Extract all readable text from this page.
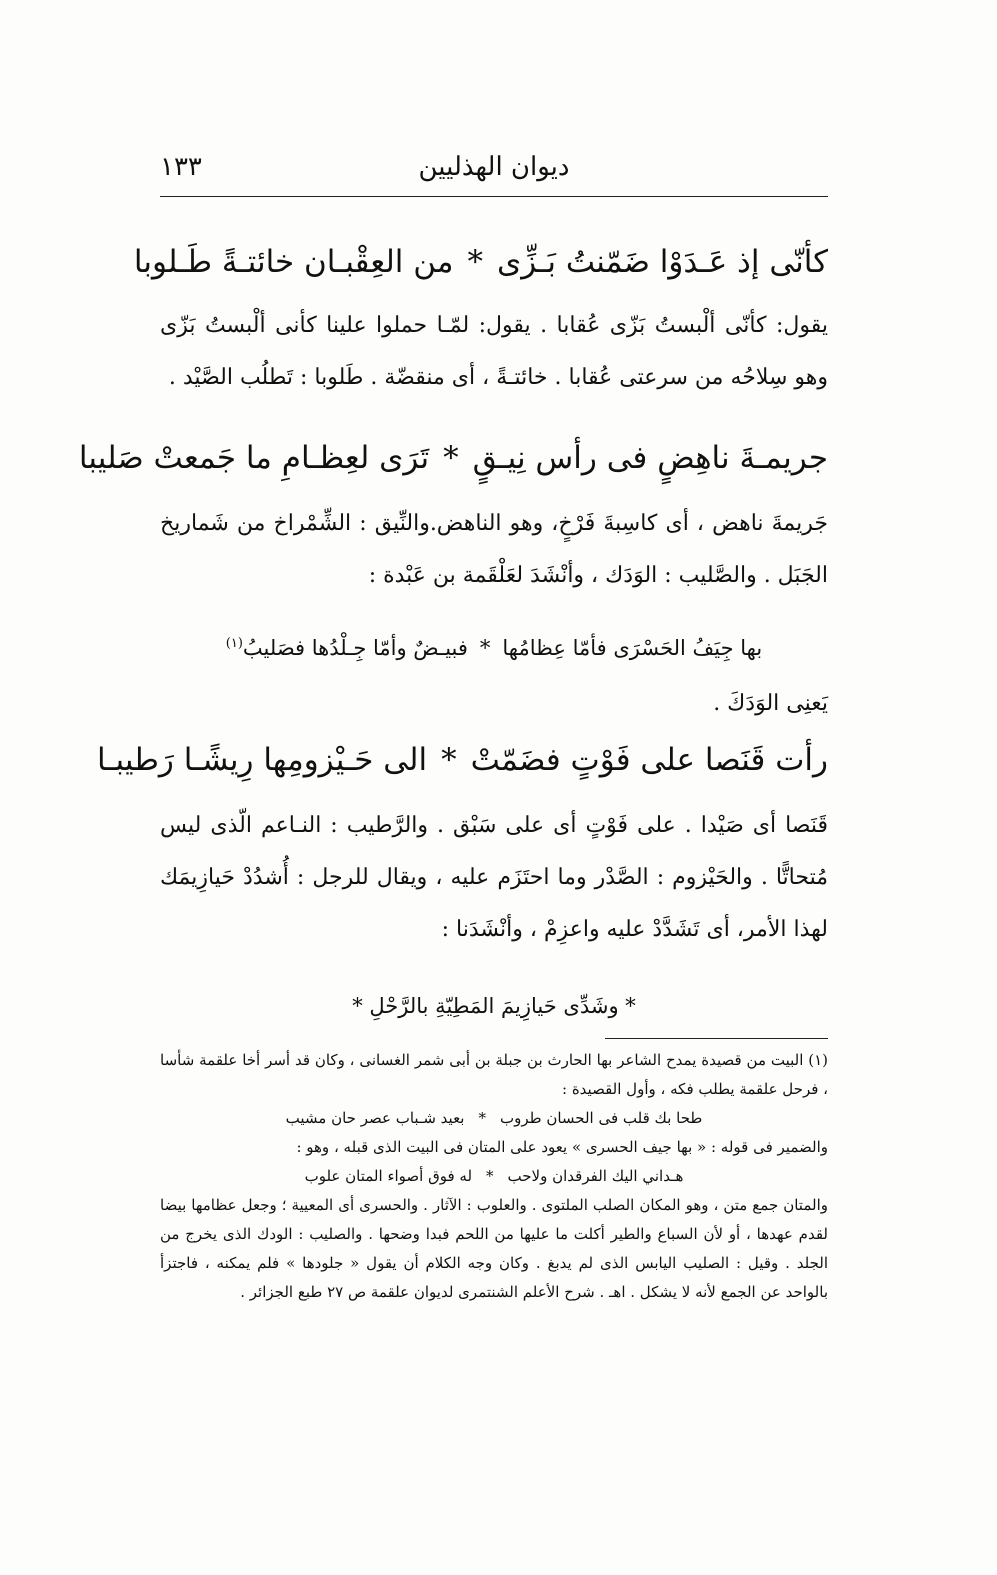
ديوان الهذليين
١٣٣
كأنّى إذ عَـدَوْا ضَمّنتُ بَـزِّى*من العِقْبـان خائتـةً طَـلوبا

يقول: كأنّى ألْبستُ بَزّى عُقابا . يقول: لمّـا حملوا علينا كأنى ألْبستُ بَزّى وهو سِلاحُه من سرعتى عُقابا . خائتـةً ، أى منقضّة . طَلوبا : تَطلُب الصَّيْد .

جريمـةَ ناهِضٍ فى رأس نِيـقٍ*تَرَى لعِظـامِ ما جَمعتْ صَليبا

جَريمةَ ناهض ، أى كاسِبةَ فَرْخٍ، وهو الناهض.والنِّيق : الشِّمْراخ من شَماريخ الجَبَل . والصَّليب : الوَدَك ، وأنْشَدَ لعَلْقَمة بن عَبْدة :

بها جِيَفُ الحَسْرَى فأمّا عِظامُها*فبيـضٌ وأمّا جِـلْدُها فصَليبُ$^{(١)}$

يَعنِى الوَدَكَ .

رأت قَنَصا على فَوْتٍ فضَمّتْ*الى حَـيْزومِها رِيشًـا رَطيبـا

قَنَصا أى صَيْدا . على فَوْتٍ أى على سَبْق . والرَّطيب : النـاعم الّذى ليس مُتحاتًّا . والحَيْزوم : الصَّدْر وما احتَزَم عليه ، ويقال للرجل : أُشدُدْ حَيازِيمَك لهذا الأمر، أى تَشَدَّدْ عليه واعزِمْ ، وأنْشَدَنا :

* وشَدِّى حَيازِيمَ المَطِيّةِ بالرَّحْلِ *

(١) البيت من قصيدة يمدح الشاعر بها الحارث بن جبلة بن أبى شمر الغسانى ، وكان قد أسر أخا علقمة شأسا ، فرحل علقمة يطلب فكه ، وأول القصيدة :

طحا بك قلب فى الحسان طروب*بعيد شـباب عصر حان مشيب

والضمير فى قوله : « بها جيف الحسرى » يعود على المتان فى البيت الذى قبله ، وهو :

هـداني اليك الفرقدان ولاحب*له فوق أصواء المتان علوب

والمتان جمع متن ، وهو المكان الصلب الملتوى . والعلوب : الآثار . والحسرى أى المعيية ؛ وجعل عظامها بيضا لقدم عهدها ، أو لأن السباع والطير أكلت ما عليها من اللحم فبدا وضحها . والصليب : الودك الذى يخرج من الجلد . وقيل : الصليب اليابس الذى لم يدبغ . وكان وجه الكلام أن يقول « جلودها » فلم يمكنه ، فاجتزأ بالواحد عن الجمع لأنه لا يشكل . اهـ . شرح الأعلم الشنتمرى لديوان علقمة ص ٢٧ طبع الجزائر .
